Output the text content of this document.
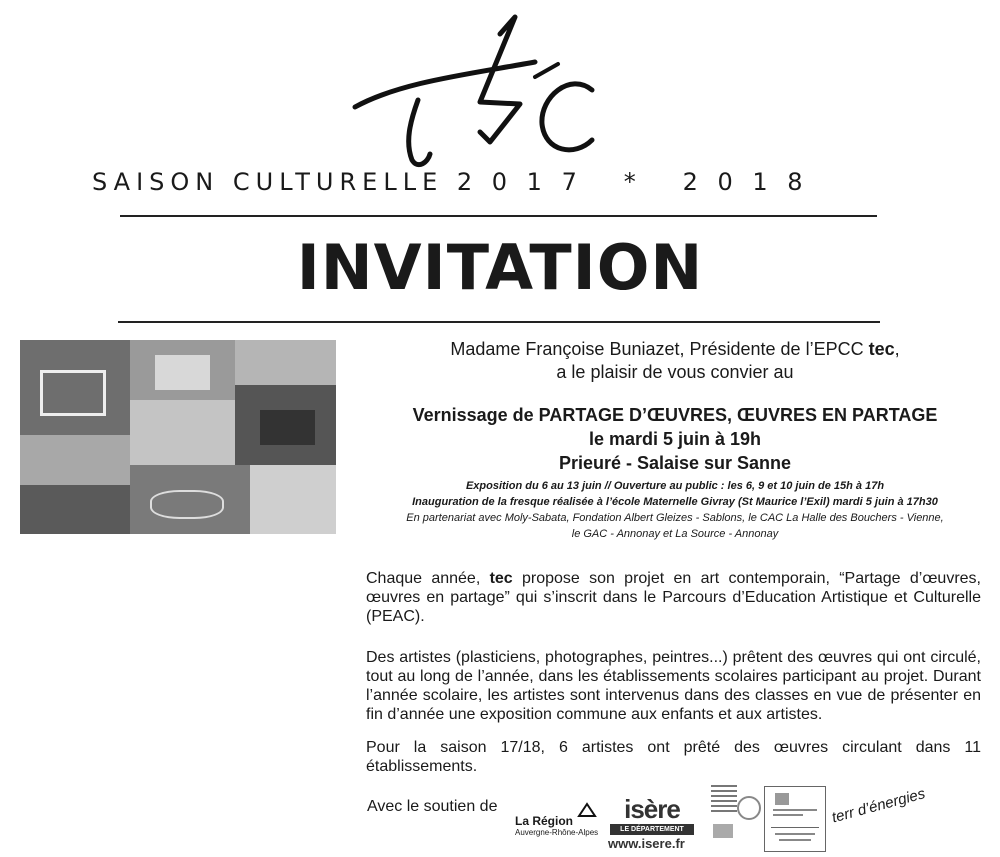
SAISON CULTURELLE 2 0 1 7   *   2 0 1 8
INVITATION
Madame Françoise Buniazet, Présidente de l’EPCC tec,
a le plaisir de vous convier au
Vernissage de PARTAGE D’ŒUVRES, ŒUVRES EN PARTAGE
le mardi 5 juin à 19h
Prieuré - Salaise sur Sanne
Exposition du 6 au 13 juin // Ouverture au public : les 6, 9 et 10 juin de 15h à 17h
Inauguration de la fresque réalisée à l’école Maternelle Givray (St Maurice l’Exil) mardi 5 juin à 17h30
En partenariat avec Moly-Sabata, Fondation Albert Gleizes - Sablons, le CAC La Halle des Bouchers - Vienne,
le GAC - Annonay et La Source - Annonay
Chaque année, tec propose son projet en art contemporain, “Partage d’œuvres, œuvres en partage” qui s’inscrit dans le Parcours d’Education Artistique et Culturelle (PEAC).
Des artistes (plasticiens, photographes, peintres...) prêtent des œuvres qui ont circulé, tout au long de l’année, dans les établissements scolaires participant au projet. Durant l’année scolaire, les artistes sont intervenus dans des classes en vue de présenter en fin d’année une exposition commune aux enfants et aux artistes.
Pour la saison 17/18, 6 artistes ont prêté des œuvres circulant dans 11 établissements.
Avec le soutien de
La Région
Auvergne-Rhône-Alpes
isère
LE DÉPARTEMENT
www.isere.fr
terr d’énergies
